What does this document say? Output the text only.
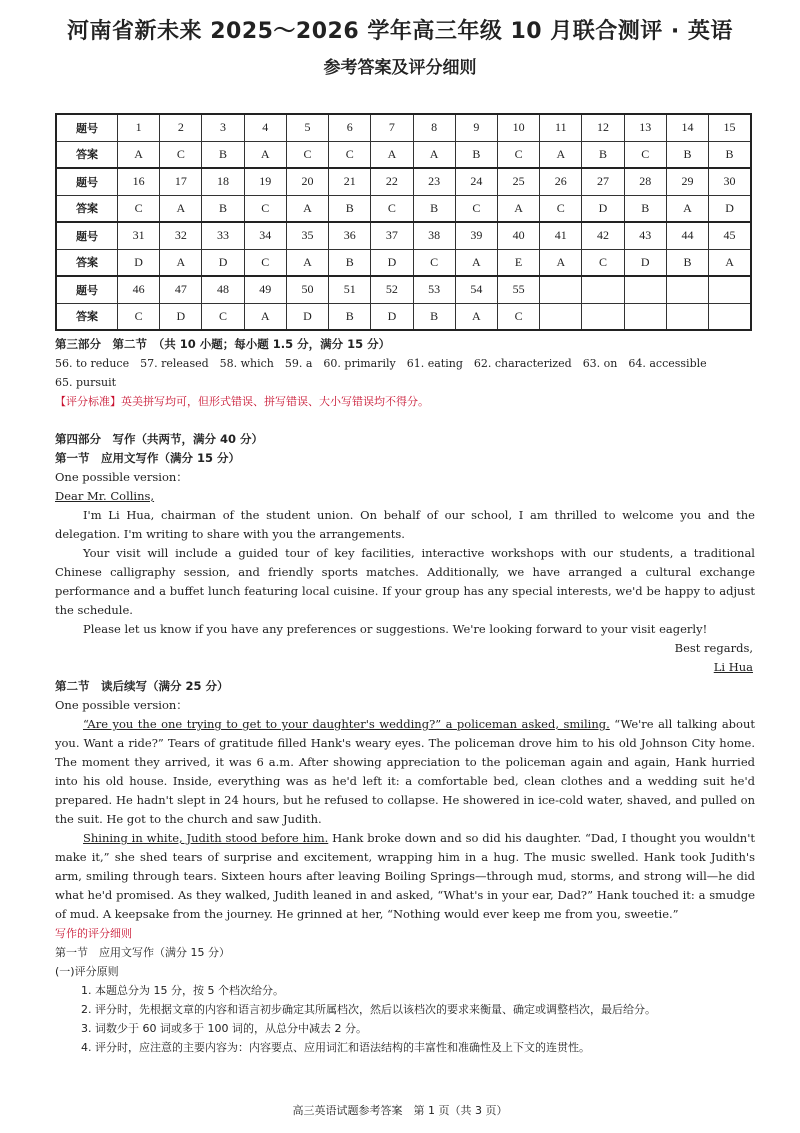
河南省新未来 2025～2026 学年高三年级 10 月联合测评 · 英语
参考答案及评分细则
题号	1	2	3	4	5	6	7	8	9	10	11	12	13	14	15
答案	A	C	B	A	C	C	A	A	B	C	A	B	C	B	B
题号	16	17	18	19	20	21	22	23	24	25	26	27	28	29	30
答案	C	A	B	C	A	B	C	B	C	A	C	D	B	A	D
题号	31	32	33	34	35	36	37	38	39	40	41	42	43	44	45
答案	D	A	D	C	A	B	D	C	A	E	A	C	D	B	A
题号	46	47	48	49	50	51	52	53	54	55					
答案	C	D	C	A	D	B	D	B	A	C					

第三部分　第二节　（共 10 小题；每小题 1.5 分，满分 15 分）

56. to reduce　57. released　58. which　59. a　60. primarily　61. eating　62. characterized　63. on　64. accessible

65. pursuit

【评分标准】英美拼写均可，但形式错误、拼写错误、大小写错误均不得分。

第四部分　写作（共两节，满分 40 分）

第一节　应用文写作（满分 15 分）

One possible version：

Dear Mr. Collins,

I'm Li Hua, chairman of the student union. On behalf of our school, I am thrilled to welcome you and the delegation. I'm writing to share with you the arrangements.

Your visit will include a guided tour of key facilities, interactive workshops with our students, a traditional Chinese calligraphy session, and friendly sports matches. Additionally, we have arranged a cultural exchange performance and a buffet lunch featuring local cuisine. If your group has any special interests, we'd be happy to adjust the schedule.

Please let us know if you have any preferences or suggestions. We're looking forward to your visit eagerly!

Best regards,

Li Hua

第二节　读后续写（满分 25 分）

One possible version：

“Are you the one trying to get to your daughter's wedding?” a policeman asked, smiling. “We're all talking about you. Want a ride?” Tears of gratitude filled Hank's weary eyes. The policeman drove him to his old Johnson City home. The moment they arrived, it was 6 a.m. After showing appreciation to the policeman again and again, Hank hurried into his old house. Inside, everything was as he'd left it: a comfortable bed, clean clothes and a wedding suit he'd prepared. He hadn't slept in 24 hours, but he refused to collapse. He showered in ice-cold water, shaved, and pulled on the suit. He got to the church and saw Judith.

Shining in white, Judith stood before him. Hank broke down and so did his daughter. “Dad, I thought you wouldn't make it,” she shed tears of surprise and excitement, wrapping him in a hug. The music swelled. Hank took Judith's arm, smiling through tears. Sixteen hours after leaving Boiling Springs—through mud, storms, and strong will—he did what he'd promised. As they walked, Judith leaned in and asked, “What's in your ear, Dad?” Hank touched it: a smudge of mud. A keepsake from the journey. He grinned at her, “Nothing would ever keep me from you, sweetie.”

写作的评分细则

第一节　应用文写作（满分 15 分）

(一)评分原则

1. 本题总分为 15 分，按 5 个档次给分。

2. 评分时，先根据文章的内容和语言初步确定其所属档次，然后以该档次的要求来衡量、确定或调整档次，最后给分。

3. 词数少于 60 词或多于 100 词的，从总分中减去 2 分。

4. 评分时，应注意的主要内容为：内容要点、应用词汇和语法结构的丰富性和准确性及上下文的连贯性。

高三英语试题参考答案　第 1 页（共 3 页）
